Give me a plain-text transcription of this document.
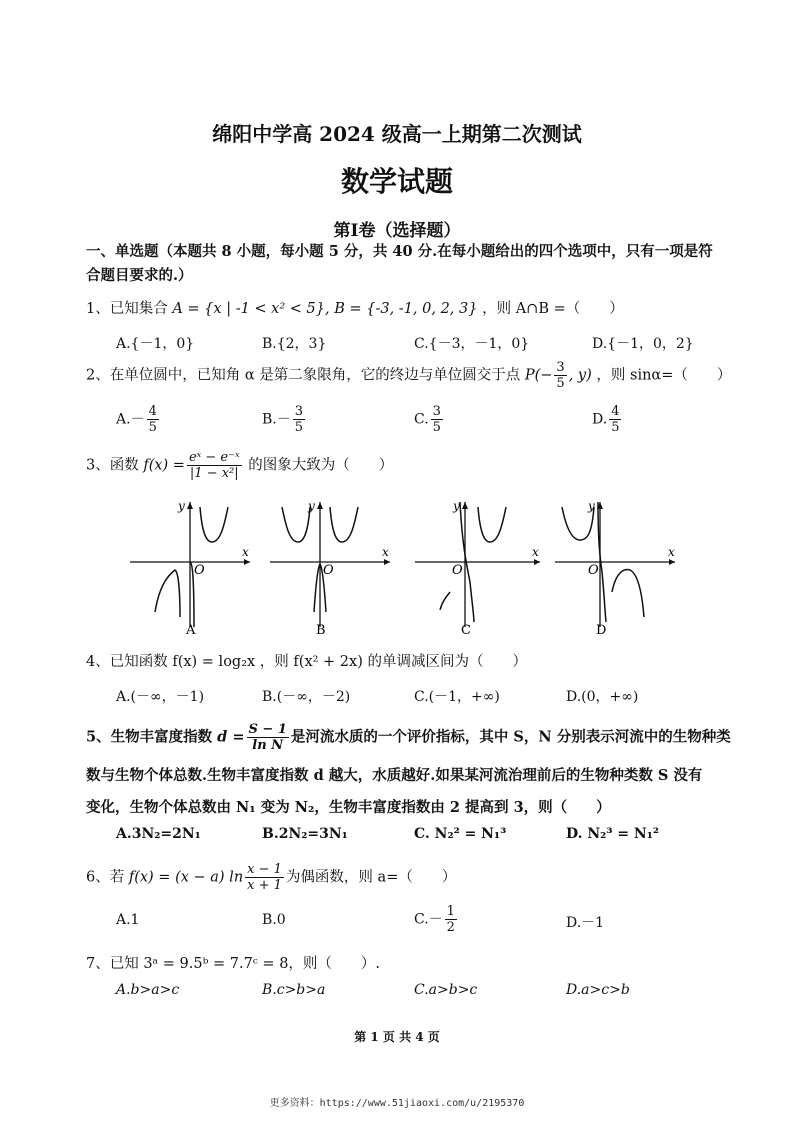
绵阳中学高 2024 级高一上期第二次测试
数学试题
第Ⅰ卷（选择题）
一、单选题（本题共 8 小题，每小题 5 分，共 40 分.在每小题给出的四个选项中，只有一项是符合题目要求的.）
1、已知集合 A = {x | -1 < x² < 5}, B = {-3, -1, 0, 2, 3} ，则 A∩B =（　　）
A.{－1，0}	B.{2，3}	C.{－3，－1，0}	D.{－1，0，2}
2、在单位圆中，已知角 α 是第二象限角，它的终边与单位圆交于点 $P(- \frac{3}{5}$ , y) ，则 sinα=（　　）
$A.- \frac{4}{5}$	$B.- \frac{3}{5}$	C. $\frac{3}{5}$	D. $\frac{4}{5}$
3、函数 $f(x) = \frac{\text{eˣ − e⁻ˣ}}{\text{|1 − x²|}}$ 的图象大致为（　　）
O
x
y
A
O
x
y
B
O
x
y
C
O
x
y
D
4、已知函数 f(x) = log₂x ，则 f(x² + 2x) 的单调减区间为（　　）
A.(－∞，－1)	B.(－∞，－2)	C.(－1，+∞)	D.(0，+∞)
5、生物丰富度指数 $d = \frac{S - 1}{\text{ln N}}$ 是河流水质的一个评价指标，其中 S，N 分别表示河流中的生物种类
数与生物个体总数.生物丰富度指数 d 越大，水质越好.如果某河流治理前后的生物种类数 S 没有
变化，生物个体总数由 N₁ 变为 N₂，生物丰富度指数由 2 提高到 3，则（　　）
A.3N₂=2N₁	B.2N₂=3N₁	C. N₂² = N₁³	D. N₂³ = N₁²
6、若 f(x) = (x − a) $\ln \frac{x - 1}{x + 1}$ 为偶函数，则 a=（　　）
A.1	B.0	$C.- \frac{1}{2}$	D.－1
7、已知 3ᵃ = 9.5ᵇ = 7.7ᶜ = 8，则（　　）.
A.b>a>c	B.c>b>a	C.a>b>c	D.a>c>b
第 1 页 共 4 页
更多资料：https://www.51jiaoxi.com/u/2195370
